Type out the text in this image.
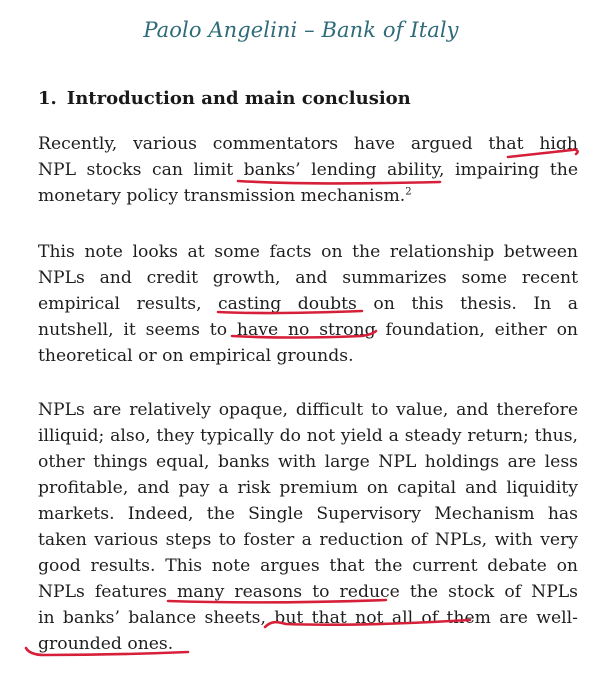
Paolo Angelini – Bank of Italy
1. Introduction and main conclusion
Recently, various commentators have argued that high
NPL stocks can limit banks’ lending ability, impairing the
monetary policy transmission mechanism.$^2$
This note looks at some facts on the relationship between
NPLs and credit growth, and summarizes some recent
empirical results, casting doubts on this thesis. In a
nutshell, it seems to have no strong foundation, either on
theoretical or on empirical grounds.
NPLs are relatively opaque, difficult to value, and therefore
illiquid; also, they typically do not yield a steady return; thus,
other things equal, banks with large NPL holdings are less
profitable, and pay a risk premium on capital and liquidity
markets. Indeed, the Single Supervisory Mechanism has
taken various steps to foster a reduction of NPLs, with very
good results. This note argues that the current debate on
NPLs features many reasons to reduce the stock of NPLs
in banks’ balance sheets, but that not all of them are well-
grounded ones.
